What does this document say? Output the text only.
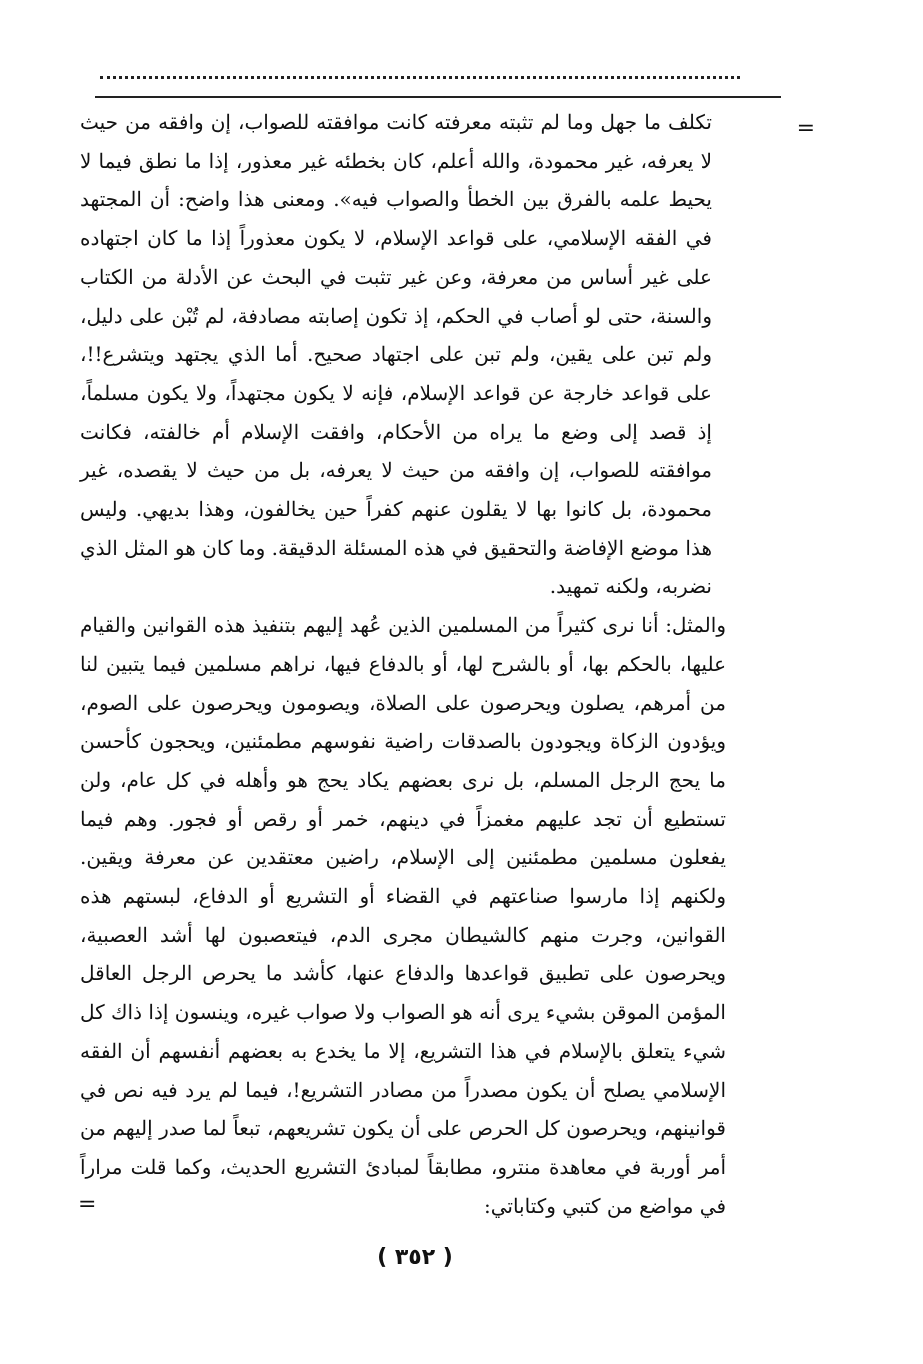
=

تكلف ما جهل وما لم تثبته معرفته كانت موافقته للصواب، إن وافقه من حيث لا يعرفه، غير محمودة، والله أعلم، كان بخطئه غير معذور، إذا ما نطق فيما لا يحيط علمه بالفرق بين الخطأ والصواب فيه». ومعنى هذا واضح: أن المجتهد في الفقه الإسلامي، على قواعد الإسلام، لا يكون معذوراً إذا ما كان اجتهاده على غير أساس من معرفة، وعن غير تثبت في البحث عن الأدلة من الكتاب والسنة، حتى لو أصاب في الحكم، إذ تكون إصابته مصادفة، لم تُبْن على دليل، ولم تبن على يقين، ولم تبن على اجتهاد صحيح. أما الذي يجتهد ويتشرع!!، على قواعد خارجة عن قواعد الإسلام، فإنه لا يكون مجتهداً، ولا يكون مسلماً، إذ قصد إلى وضع ما يراه من الأحكام، وافقت الإسلام أم خالفته، فكانت موافقته للصواب، إن وافقه من حيث لا يعرفه، بل من حيث لا يقصده، غير محمودة، بل كانوا بها لا يقلون عنهم كفراً حين يخالفون، وهذا بديهي. وليس هذا موضع الإفاضة والتحقيق في هذه المسئلة الدقيقة. وما كان هو المثل الذي نضربه، ولكنه تمهيد.

والمثل: أنا نرى كثيراً من المسلمين الذين عُهد إليهم بتنفيذ هذه القوانين والقيام عليها، بالحكم بها، أو بالشرح لها، أو بالدفاع فيها، نراهم مسلمين فيما يتبين لنا من أمرهم، يصلون ويحرصون على الصلاة، ويصومون ويحرصون على الصوم، ويؤدون الزكاة ويجودون بالصدقات راضية نفوسهم مطمئنين، ويحجون كأحسن ما يحج الرجل المسلم، بل نرى بعضهم يكاد يحج هو وأهله في كل عام، ولن تستطيع أن تجد عليهم مغمزاً في دينهم، خمر أو رقص أو فجور. وهم فيما يفعلون مسلمين مطمئنين إلى الإسلام، راضين معتقدين عن معرفة ويقين. ولكنهم إذا مارسوا صناعتهم في القضاء أو التشريع أو الدفاع، لبستهم هذه القوانين، وجرت منهم كالشيطان مجرى الدم، فيتعصبون لها أشد العصبية، ويحرصون على تطبيق قواعدها والدفاع عنها، كأشد ما يحرص الرجل العاقل المؤمن الموقن بشيء يرى أنه هو الصواب ولا صواب غيره، وينسون إذا ذاك كل شيء يتعلق بالإسلام في هذا التشريع، إلا ما يخدع به بعضهم أنفسهم أن الفقه الإسلامي يصلح أن يكون مصدراً من مصادر التشريع!، فيما لم يرد فيه نص في قوانينهم، ويحرصون كل الحرص على أن يكون تشريعهم، تبعاً لما صدر إليهم من أمر أوربة في معاهدة منترو، مطابقاً لمبادئ التشريع الحديث، وكما قلت مراراً في مواضع من كتبي وكتاباتي:

=
( ٣٥٢ )
